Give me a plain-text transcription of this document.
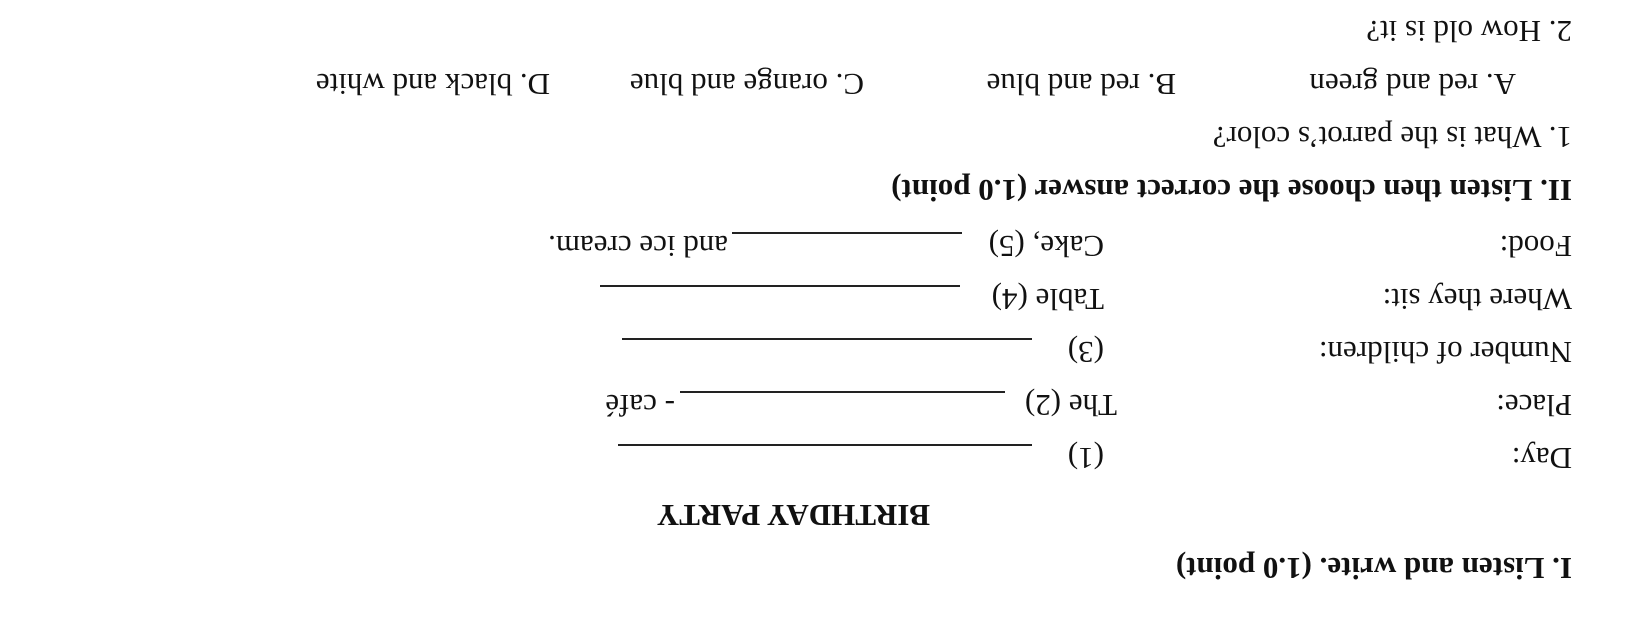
I. Listen and write. (1.0 point)
BIRTHDAY PARTY
Day:
(1)
Place:
The (2)
- café
Number of children:
(3)
Where they sit:
Table (4)
Food:
Cake, (5)
and ice cream.
II. Listen then choose the correct answer (1.0 point)
1. What is the parrot’s color?
A. red and green
B. red and blue
C. orange and blue
D. black and white
2. How old is it?
